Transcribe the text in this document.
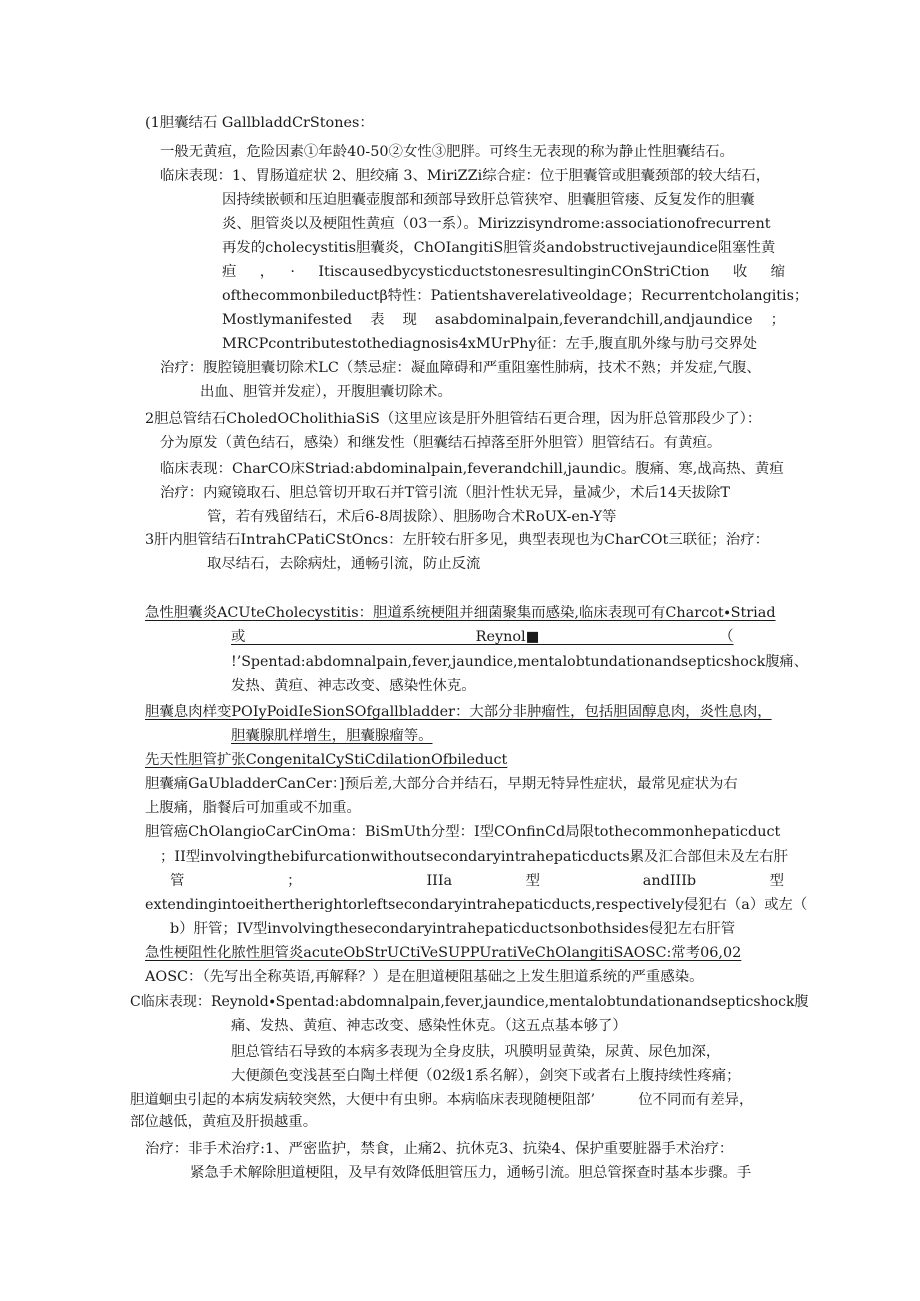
(1胆囊结石 GallbladdCrStones：
一般无黄疸，危险因素①年龄40-50②女性③肥胖。可终生无表现的称为静止性胆囊结石。
临床表现：1、胃肠道症状 2、胆绞痛 3、MiriZZi综合症：位于胆囊管或胆囊颈部的较大结石，
因持续嵌顿和压迫胆囊壶腹部和颈部导致肝总管狭窄、胆囊胆管瘘、反复发作的胆囊
炎、胆管炎以及梗阻性黄疸（03一系）。Mirizzisyndrome:associationofrecurrent
再发的cholecystitis胆囊炎，ChOIangitiS胆管炎andobstructivejaundice阻塞性黄
疸　，　·　ItiscausedbycysticductstonesresultinginCOnStriCtion　收　缩
ofthecommonbileductβ特性：Patientshaverelativeoldage；Recurrentcholangitis；
Mostlymanifested　表　现　asabdominalpain,feverandchill,andjaundice　；
MRCPcontributestothediagnosis4xMUrPhy征：左手,腹直肌外缘与肋弓交界处
治疗：腹腔镜胆囊切除术LC（禁忌症：凝血障碍和严重阻塞性肺病，技术不熟；并发症,气腹、
出血、胆管并发症），开腹胆囊切除术。
2胆总管结石CholedOCholithiaSiS（这里应该是肝外胆管结石更合理，因为肝总管那段少了）：
分为原发（黄色结石，感染）和继发性（胆囊结石掉落至肝外胆管）胆管结石。有黄疸。
临床表现：CharCO床Striad:abdominalpain,feverandchill,jaundic。腹痛、寒,战高热、黄疸
治疗：内窥镜取石、胆总管切开取石并T管引流（胆汁性状无异，量减少，术后14天拔除T
管，若有残留结石，术后6-8周拔除）、胆肠吻合术RoUX-en-Y等
3肝内胆管结石IntrahCPatiCStOncs：左肝较右肝多见，典型表现也为CharCOt三联征；治疗：
取尽结石，去除病灶，通畅引流，防止反流
急性胆囊炎ACUteCholecystitis：胆道系统梗阻并细菌聚集而感染,临床表现可有Charcot∙Striad
或　　　　　　　　　　　　　　　　Reynol■　　　　　　　　　　　　　（
!’Spentad:abdomnalpain,fever,jaundice,mentalobtundationandsepticshock腹痛、
发热、黄疸、神志改变、感染性休克。
胆囊息肉样变POIyPoidIeSionSOfgallbladder：大部分非肿瘤性，包括胆固醇息肉，炎性息肉，
胆囊腺肌样增生，胆囊腺瘤等。
先天性胆管扩张CongenitalCyStiCdilationOfbileduct
胆囊痛GaUbladderCanCer：]预后差,大部分合并结石，早期无特异性症状，最常见症状为右
上腹痛，脂餐后可加重或不加重。
胆管癌ChOlangioCarCinOma：BiSmUth分型：I型COnfinCd局限tothecommonhepaticduct
；II型involvingthebifurcationwithoutsecondaryintrahepaticducts累及汇合部但未及左右肝
管　　　；　　　　IIIa　　型　　　andIIIb　　型
extendingintoeithertherightorleftsecondaryintrahepaticducts,respectively侵犯右（a）或左（
b）肝管；IV型involvingthesecondaryintrahepaticductsonbothsides侵犯左右肝管
急性梗阻性化脓性胆管炎acuteObStrUCtiVeSUPPUratiVeChOlangitiSAOSC:常考06,02
AOSC：（先写出全称英语,再解释？）是在胆道梗阻基础之上发生胆道系统的严重感染。
C临床表现：Reynold∙Spentad:abdomnalpain,fever,jaundice,mentalobtundationandsepticshock腹
痛、发热、黄疸、神志改变、感染性休克。（这五点基本够了）
胆总管结石导致的本病多表现为全身皮肤，巩膜明显黄染，尿黄、尿色加深，
大便颜色变浅甚至白陶土样便（02级1系名解），剑突下或者右上腹持续性疼痛；
胆道蛔虫引起的本病发病较突然，大便中有虫卵。本病临床表现随梗阻部’　　　位不同而有差异，
部位越低，黄疸及肝损越重。
治疗：非手术治疗:1、严密监护，禁食，止痛2、抗休克3、抗染4、保护重要脏器手术治疗：
紧急手术解除胆道梗阻，及早有效降低胆管压力，通畅引流。胆总管探查时基本步骤。手
